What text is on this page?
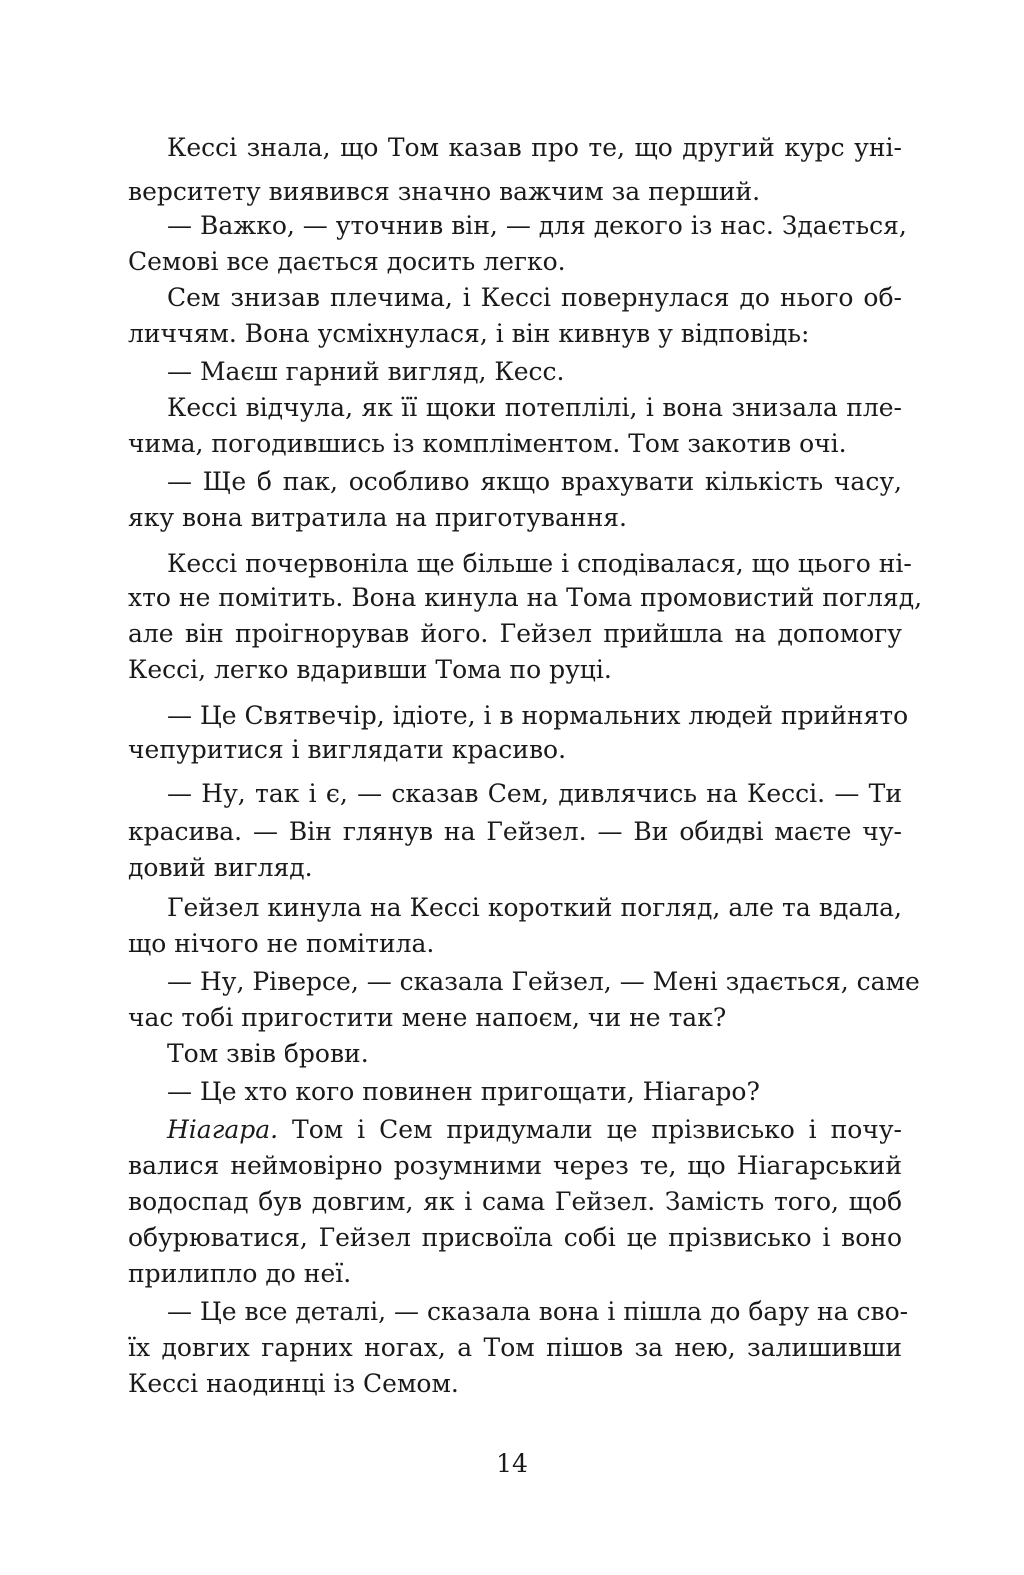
Кессі знала, що Том казав про те, що другий курс уні-
верситету виявився значно важчим за перший.
— Важко, — уточнив він, — для декого із нас. Здається,
Семові все дається досить легко.
Сем знизав плечима, і Кессі повернулася до нього об-
личчям. Вона усміхнулася, і він кивнув у відповідь:
— Маєш гарний вигляд, Кесс.
Кессі відчула, як її щоки потеплілі, і вона знизала пле-
чима, погодившись із компліментом. Том закотив очі.
— Ще б пак, особливо якщо врахувати кількість часу,
яку вона витратила на приготування.
Кессі почервоніла ще більше і сподівалася, що цього ні-
хто не помітить. Вона кинула на Тома промовистий погляд,
але він проігнорував його. Гейзел прийшла на допомогу
Кессі, легко вдаривши Тома по руці.
— Це Святвечір, ідіоте, і в нормальних людей прийнято
чепуритися і виглядати красиво.
— Ну, так і є, — сказав Сем, дивлячись на Кессі. — Ти
красива. — Він глянув на Гейзел. — Ви обидві маєте чу-
довий вигляд.
Гейзел кинула на Кессі короткий погляд, але та вдала,
що нічого не помітила.
— Ну, Ріверсе, — сказала Гейзел, — Мені здається, саме
час тобі пригостити мене напоєм, чи не так?
Том звів брови.
— Це хто кого повинен пригощати, Ніагаро?
Ніагара. Том і Сем придумали це прізвисько і почу-
валися неймовірно розумними через те, що Ніагарський
водоспад був довгим, як і сама Гейзел. Замість того, щоб
обурюватися, Гейзел присвоїла собі це прізвисько і воно
прилипло до неї.
— Це все деталі, — сказала вона і пішла до бару на сво-
їх довгих гарних ногах, а Том пішов за нею, залишивши
Кессі наодинці із Семом.
14
